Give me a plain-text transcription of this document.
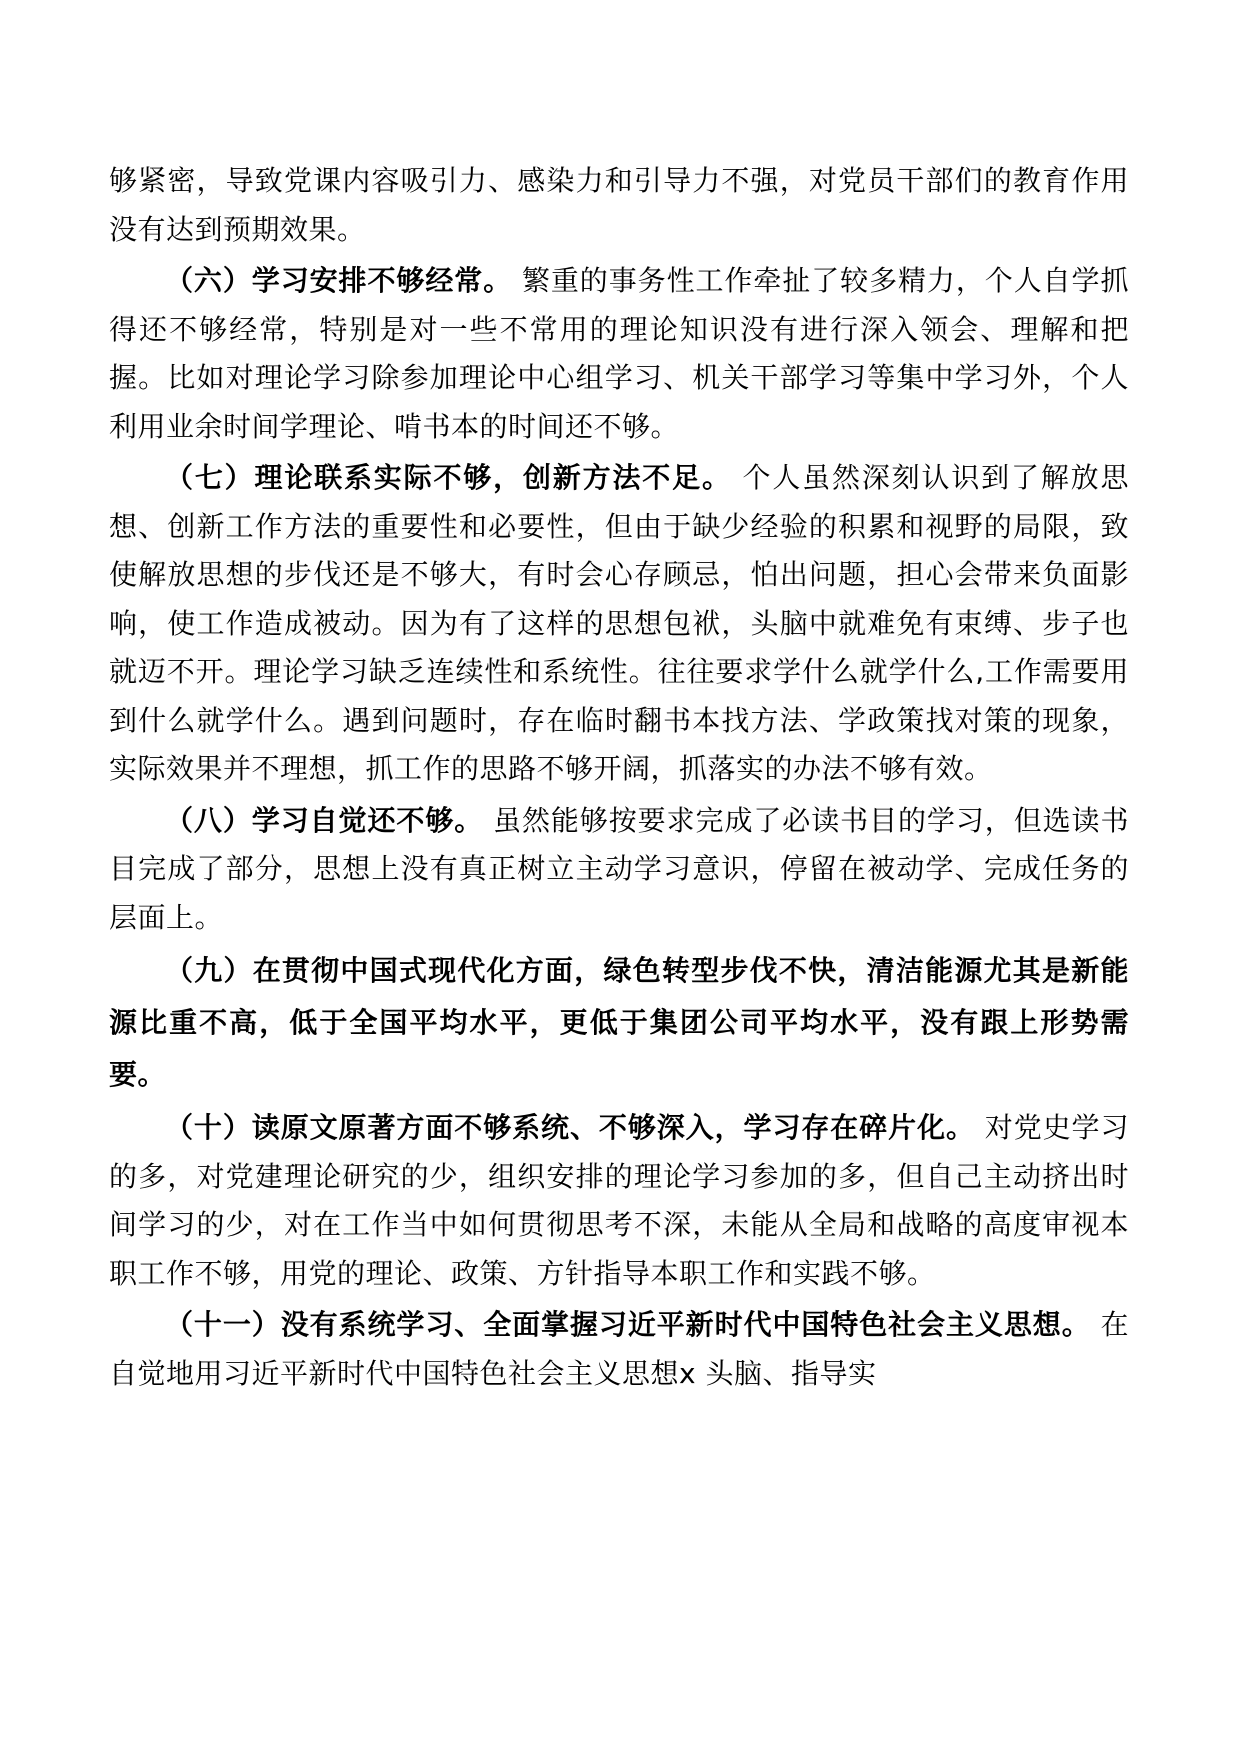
够紧密，导致党课内容吸引力、感染力和引导力不强，对党员干部们的教育作用没有达到预期效果。

（六）学习安排不够经常。 繁重的事务性工作牵扯了较多精力，个人自学抓得还不够经常，特别是对一些不常用的理论知识没有进行深入领会、理解和把握。比如对理论学习除参加理论中心组学习、机关干部学习等集中学习外，个人利用业余时间学理论、啃书本的时间还不够。

（七）理论联系实际不够，创新方法不足。 个人虽然深刻认识到了解放思想、创新工作方法的重要性和必要性，但由于缺少经验的积累和视野的局限，致使解放思想的步伐还是不够大，有时会心存顾忌，怕出问题，担心会带来负面影响，使工作造成被动。因为有了这样的思想包袱，头脑中就难免有束缚、步子也就迈不开。理论学习缺乏连续性和系统性。往往要求学什么就学什么,工作需要用到什么就学什么。遇到问题时，存在临时翻书本找方法、学政策找对策的现象，实际效果并不理想，抓工作的思路不够开阔，抓落实的办法不够有效。

（八）学习自觉还不够。 虽然能够按要求完成了必读书目的学习，但选读书目完成了部分，思想上没有真正树立主动学习意识，停留在被动学、完成任务的层面上。

（九）在贯彻中国式现代化方面，绿色转型步伐不快，清洁能源尤其是新能源比重不高，低于全国平均水平，更低于集团公司平均水平，没有跟上形势需要。

（十）读原文原著方面不够系统、不够深入，学习存在碎片化。 对党史学习的多，对党建理论研究的少，组织安排的理论学习参加的多，但自己主动挤出时间学习的少，对在工作当中如何贯彻思考不深，未能从全局和战略的高度审视本职工作不够，用党的理论、政策、方针指导本职工作和实践不够。

（十一）没有系统学习、全面掌握习近平新时代中国特色社会主义思想。 在自觉地用习近平新时代中国特色社会主义思想x 头脑、指导实
